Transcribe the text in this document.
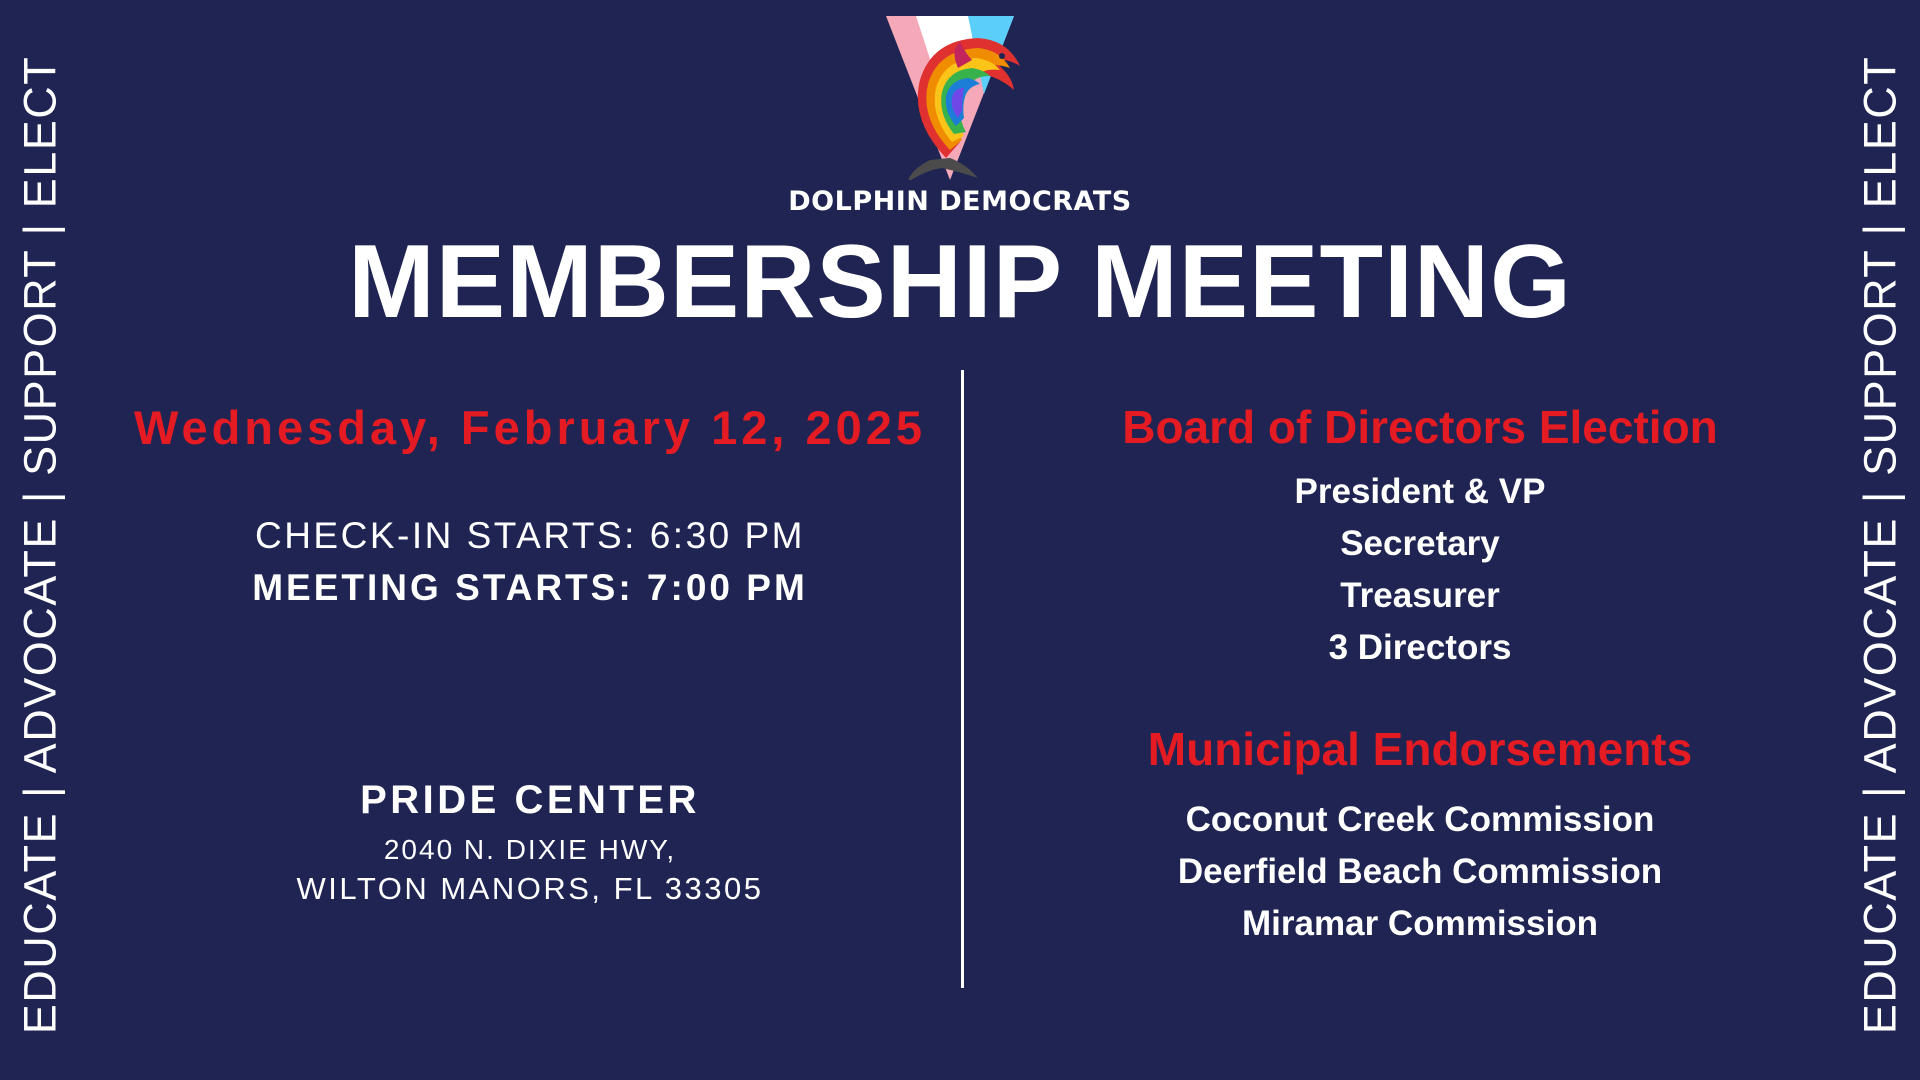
EDUCATE | ADVOCATE | SUPPORT | ELECT	EDUCATE | ADVOCATE | SUPPORT | ELECT
DOLPHIN DEMOCRATS
MEMBERSHIP MEETING
Wednesday, February 12, 2025
CHECK-IN STARTS: 6:30 PM
MEETING STARTS: 7:00 PM
PRIDE CENTER
2040 N. DIXIE HWY,
WILTON MANORS, FL 33305
Board of Directors Election
President & VP
Secretary
Treasurer
3 Directors
Municipal Endorsements
Coconut Creek Commission
Deerfield Beach Commission
Miramar Commission
